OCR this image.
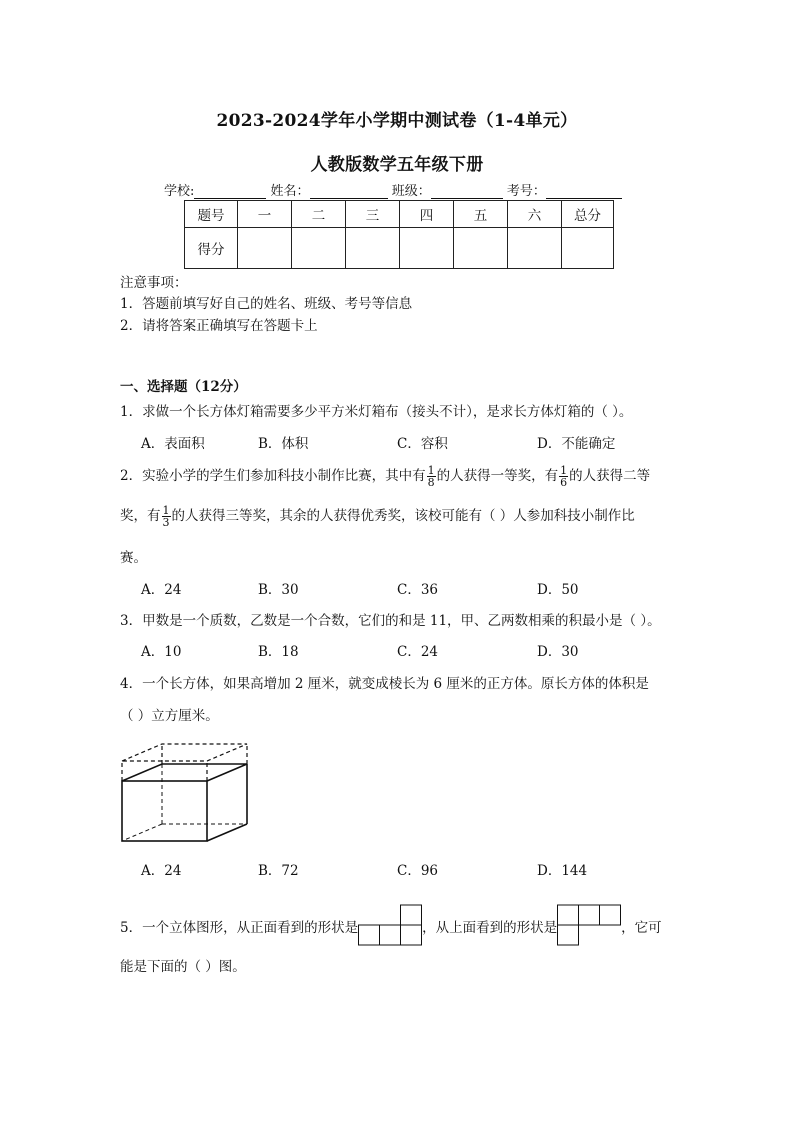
2023-2024学年小学期中测试卷（1-4单元）
人教版数学五年级下册
学校:	姓名：	班级：	考号：
题号	一	二	三	四	五	六	总分
得分							
注意事项：
1．答题前填写好自己的姓名、班级、考号等信息
2．请将答案正确填写在答题卡上
一、选择题（12分）
1．求做一个长方体灯箱需要多少平方米灯箱布（接头不计），是求长方体灯箱的（ ）。
A．表面积	B．体积	C．容积	D．不能确定
2．实验小学的学生们参加科技小制作比赛，其中有 $\frac{1}{8}$ 的人获得一等奖，有 $\frac{1}{6}$ 的人获得二等
奖，有 $\frac{1}{3}$ 的人获得三等奖，其余的人获得优秀奖，该校可能有（ ）人参加科技小制作比
赛。
A．24	B．30	C．36	D．50
3．甲数是一个质数，乙数是一个合数，它们的和是 11，甲、乙两数相乘的积最小是（ ）。
A．10	B．18	C．24	D．30
4．一个长方体，如果高增加 2 厘米，就变成棱长为 6 厘米的正方体。原长方体的体积是
（ ）立方厘米。
A．24	B．72	C．96	D．144
5．一个立体图形，从正面看到的形状是	，从上面看到的形状是	，它可
能是下面的（ ）图。
